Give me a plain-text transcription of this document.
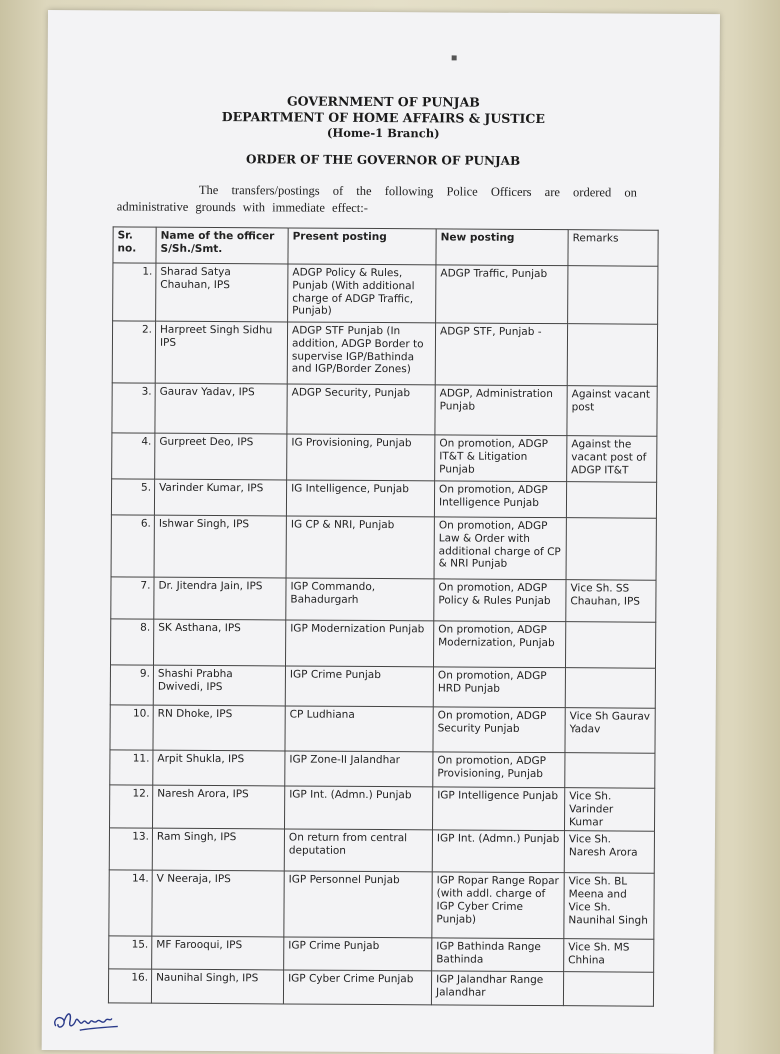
▪
GOVERNMENT OF PUNJAB
DEPARTMENT OF HOME AFFAIRS & JUSTICE
(Home-1 Branch)
ORDER OF THE GOVERNOR OF PUNJAB
The transfers/postings of the following Police Officers are ordered on administrative grounds with immediate effect:-
Sr. no.	Name of the officer S/Sh./Smt.	Present posting	New posting	Remarks
1.	Sharad Satya Chauhan, IPS	ADGP Policy & Rules, Punjab (With additional charge of ADGP Traffic, Punjab)	ADGP Traffic, Punjab	
2.	Harpreet Singh Sidhu IPS	ADGP STF Punjab (In addition, ADGP Border to supervise IGP/Bathinda and IGP/Border Zones)	ADGP STF, Punjab -	
3.	Gaurav Yadav, IPS	ADGP Security, Punjab	ADGP, Administration Punjab	Against vacant post
4.	Gurpreet Deo, IPS	IG Provisioning, Punjab	On promotion, ADGP IT&T & Litigation Punjab	Against the vacant post of ADGP IT&T
5.	Varinder Kumar, IPS	IG Intelligence, Punjab	On promotion, ADGP Intelligence Punjab	
6.	Ishwar Singh, IPS	IG CP & NRI, Punjab	On promotion, ADGP Law & Order with additional charge of CP & NRI Punjab	
7.	Dr. Jitendra Jain, IPS	IGP Commando, Bahadurgarh	On promotion, ADGP Policy & Rules Punjab	Vice Sh. SS Chauhan, IPS
8.	SK Asthana, IPS	IGP Modernization Punjab	On promotion, ADGP Modernization, Punjab	
9.	Shashi Prabha Dwivedi, IPS	IGP Crime Punjab	On promotion, ADGP HRD Punjab	
10.	RN Dhoke, IPS	CP Ludhiana	On promotion, ADGP Security Punjab	Vice Sh Gaurav Yadav
11.	Arpit Shukla, IPS	IGP Zone-II Jalandhar	On promotion, ADGP Provisioning, Punjab	
12.	Naresh Arora, IPS	IGP Int. (Admn.) Punjab	IGP Intelligence Punjab	Vice Sh. Varinder Kumar
13.	Ram Singh, IPS	On return from central deputation	IGP Int. (Admn.) Punjab	Vice Sh. Naresh Arora
14.	V Neeraja, IPS	IGP Personnel Punjab	IGP Ropar Range Ropar (with addl. charge of IGP Cyber Crime Punjab)	Vice Sh. BL Meena and Vice Sh. Naunihal Singh
15.	MF Farooqui, IPS	IGP Crime Punjab	IGP Bathinda Range Bathinda	Vice Sh. MS Chhina
16.	Naunihal Singh, IPS	IGP Cyber Crime Punjab	IGP Jalandhar Range Jalandhar	
